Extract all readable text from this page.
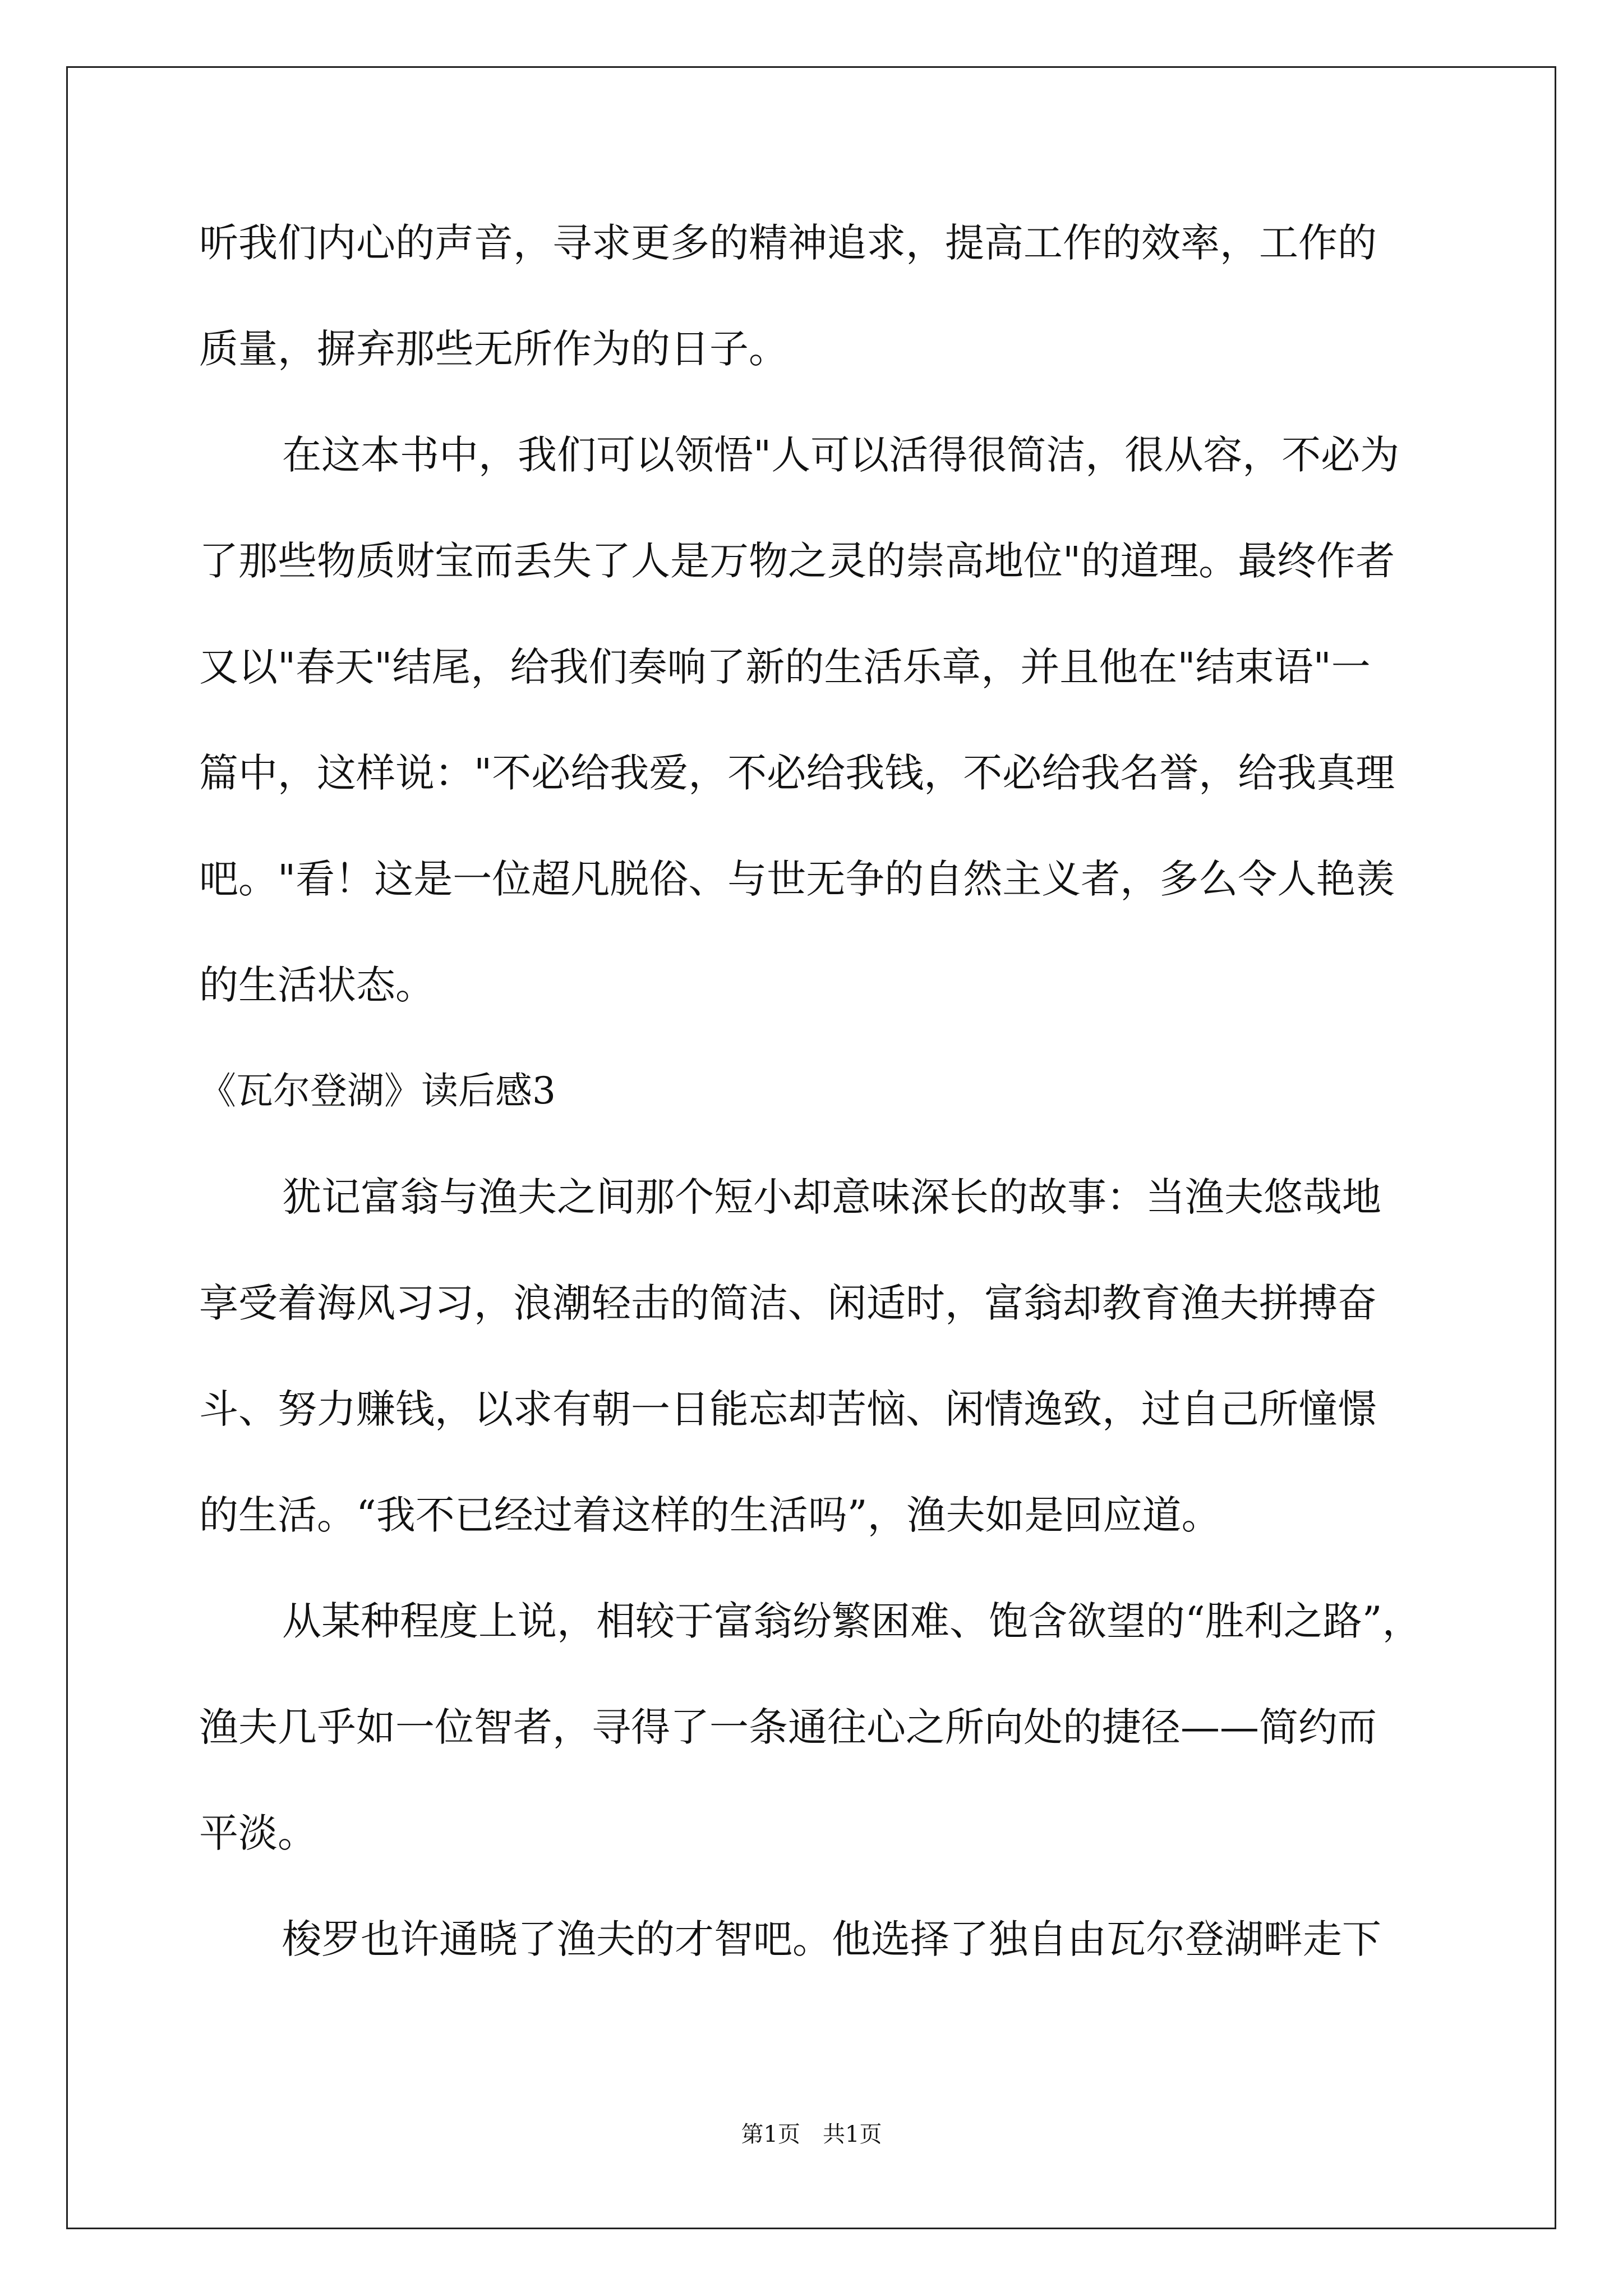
听我们内心的声音，寻求更多的精神追求，提高工作的效率，工作的
质量，摒弃那些无所作为的日子。
在这本书中，我们可以领悟"人可以活得很简洁，很从容，不必为
了那些物质财宝而丢失了人是万物之灵的崇高地位"的道理。最终作者
又以"春天"结尾，给我们奏响了新的生活乐章，并且他在"结束语"一
篇中，这样说："不必给我爱，不必给我钱，不必给我名誉，给我真理
吧。"看！这是一位超凡脱俗、与世无争的自然主义者，多么令人艳羡
的生活状态。
《瓦尔登湖》读后感3
犹记富翁与渔夫之间那个短小却意味深长的故事：当渔夫悠哉地
享受着海风习习，浪潮轻击的简洁、闲适时，富翁却教育渔夫拼搏奋
斗、努力赚钱，以求有朝一日能忘却苦恼、闲情逸致，过自己所憧憬
的生活。“我不已经过着这样的生活吗”，渔夫如是回应道。
从某种程度上说，相较于富翁纷繁困难、饱含欲望的“胜利之路”，
渔夫几乎如一位智者，寻得了一条通往心之所向处的捷径——简约而
平淡。
梭罗也许通晓了渔夫的才智吧。他选择了独自由瓦尔登湖畔走下
第1页　共1页
